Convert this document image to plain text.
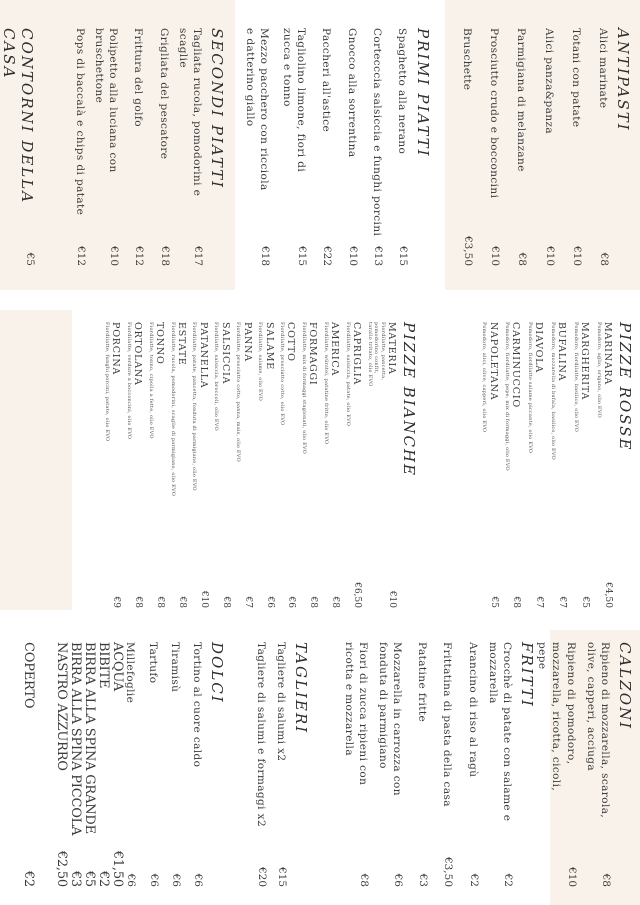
ANTIPASTI
Alici marinate
€8
Totani con patate
€10
Alici panza&panza
€10
Parmigiana di melanzane
€8
Prosciutto crudo e bocconcini
€10
Bruschette
€3,50
PRIMI PIATTI
Spaghetto alla nerano
€15
Cortecccia salsiccia e funghi porcini
€13
Gnocco alla sorrentina
€10
Paccheri all'astice
€22
Tagliolino limone, fiori di zucca e tonno
€15
Mezzo pacchero con ricciola e datterino giallo
€18
SECONDI PIATTI
Tagliata rucola, pomodorini e scaglie
€17
Grigliata del pescatore
€18
Frittura del golfo
€12
Polipetto alla luciana con bruschettone
€10
Pops di baccalà e chips di patate
€12
CONTORNI DELLA CASA
€5
PIZZE ROSSE
MARINARA
Pomodoro, aglio, origano, olio EVO
€4,50
MARGHERITA
Pomodoro, fiordilatte, basilico, olio EVO
€5
BUFALINA
Pomodoro, mozzarella di bufala, basilico, olio EVO
€7
DIAVOLA
Pomodoro, fiordilatte salame piccante, olio EVO
€7
CARMINUCCIO
Pomodoro, fiordilatte, pepe, mix di formaggi, olio EVO
€8
NAPOLETANA
Pomodoro, alici, olive, capperi, olio EVO
€5
PIZZE BIANCHE
MATERIA
Fiordilatte, pancetta, pomodorino confit, tarallo tritato, olio EVO
€10
CAPRIGLIA
Fiordilatte, salsiccia, patate, olio EVO
€6,50
AMERICA
Fiordilatte, würstel, patatine fritte, olio EVO
€8
FORMAGGI
Fiordilatte, mix di formaggi stagionati, olio EVO
€8
COTTO
Fiordilatte, prosciutto cotto, olio EVO
€6
SALAME
Fiordilatte, salame, olio EVO
€6
PANNA
Fiordilatte, prosciutto cotto, panna, mais, olio EVO
€7
SALSICCIA
Fiordilatte, salsiccia, broccoli, olio EVO
€8
PATANELLA
Fiordilatte, patate, pancetta, fonduta di parmigiano, olio EVO
€10
ESTATE
Fiordilatte, rucola, pomodorini, scaglie di parmigiano, olio EVO
€8
TONNO
Fiordilatte, tonno, cipolla a fette, olio EVO
€8
ORTOLANA
Fiordilatte, verdure a bocconcini, olio EVO
€8
PORCINA
Fiordilatte, funghi porcini, patate, olio EVO
€9
CALZONI
Ripieno di mozzarella, scarola, olive, capperi, acciuga
€8
Ripieno di pomodoro, mozzarella, ricotta, cicoli, pepe
€10
FRITTI
Crocchè di patate con salame e mozzarella
€2
Arancino di riso al ragù
€2
Frittatina di pasta della casa
€3,50
Patatine fritte
€3
Mozzarella in carrozza con fonduta di parmigiano
€6
Fiori di zucca ripieni con ricotta e mozzarella
€8
TAGLIERI
Tagliere di salumi x2
€15
Tagliere di salumi e formaggi x2
€20
DOLCI
Tortino al cuore caldo
€6
Tiramisù
€6
Tartufo
€6
Millefoglie
€6
ACQUA
€1,50
BIBITE
€2
BIRRA ALLA SPINA GRANDE
€5
BIRRA ALLA SPINA PICCOLA
€3
NASTRO AZZURRO
€2,50
COPERTO
€2
